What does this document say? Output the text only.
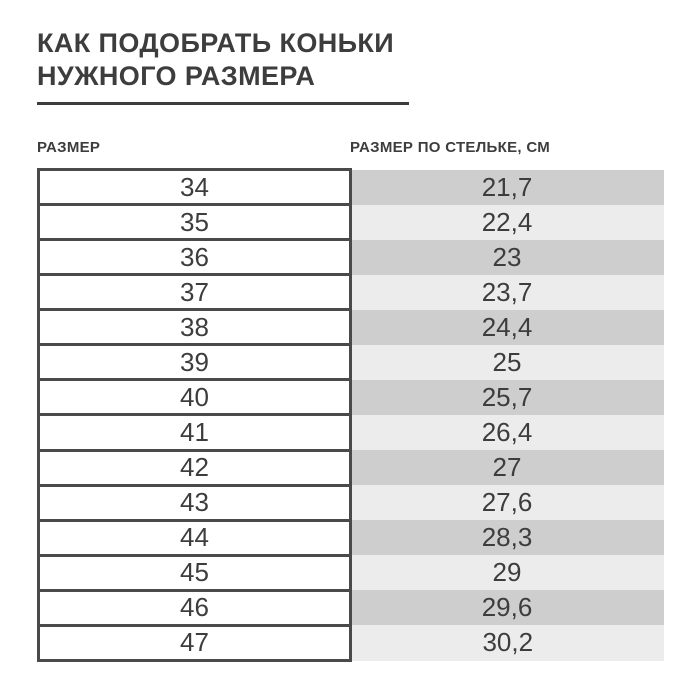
КАК ПОДОБРАТЬ КОНЬКИ
НУЖНОГО РАЗМЕРА
РАЗМЕР	РАЗМЕР ПО СТЕЛЬКЕ, СМ
34	21,7
35	22,4
36	23
37	23,7
38	24,4
39	25
40	25,7
41	26,4
42	27
43	27,6
44	28,3
45	29
46	29,6
47	30,2
